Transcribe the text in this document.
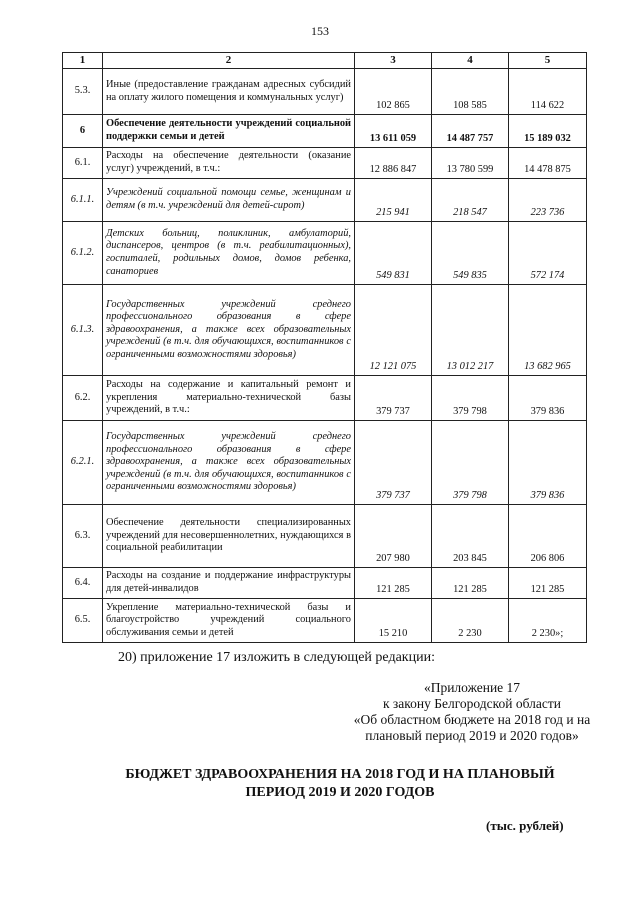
153
1	2	3	4	5
5.3.	Иные (предоставление гражданам адресных субсидий на оплату жилого помещения и коммунальных услуг)	102 865	108 585	114 622
6	Обеспечение деятельности учреждений социальной поддержки семьи и детей	13 611 059	14 487 757	15 189 032
6.1.	Расходы на обеспечение деятельности (оказание услуг) учреждений, в т.ч.:	12 886 847	13 780 599	14 478 875
6.1.1.	Учреждений социальной помощи семье, женщинам и детям (в т.ч. учреждений для детей-сирот)	215 941	218 547	223 736
6.1.2.	Детских больниц, поликлиник, амбулаторий, диспансеров, центров (в т.ч. реабилитационных), госпиталей, родильных домов, домов ребенка, санаториев	549 831	549 835	572 174
6.1.3.	Государственных учреждений среднего профессионального образования в сфере здравоохранения, а также всех образовательных учреждений (в т.ч. для обучающихся, воспитанников с ограниченными возможностями здоровья)	12 121 075	13 012 217	13 682 965
6.2.	Расходы на содержание и капитальный ремонт и укрепления материально-технической базы учреждений, в т.ч.:	379 737	379 798	379 836
6.2.1.	Государственных учреждений среднего профессионального образования в сфере здравоохранения, а также всех образовательных учреждений (в т.ч. для обучающихся, воспитанников с ограниченными возможностями здоровья)	379 737	379 798	379 836
6.3.	Обеспечение деятельности специализированных учреждений для несовершеннолетних, нуждающихся в социальной реабилитации	207 980	203 845	206 806
6.4.	Расходы на создание и поддержание инфраструктуры для детей-инвалидов	121 285	121 285	121 285
6.5.	Укрепление материально-технической базы и благоустройство учреждений социального обслуживания семьи и детей	15 210	2 230	2 230»;
20) приложение 17 изложить в следующей редакции:
«Приложение 17
к закону Белгородской области
«Об областном бюджете на 2018 год и на
плановый период 2019 и 2020 годов»
БЮДЖЕТ ЗДРАВООХРАНЕНИЯ НА 2018 ГОД И НА ПЛАНОВЫЙ
ПЕРИОД 2019 И 2020 ГОДОВ
(тыс. рублей)
